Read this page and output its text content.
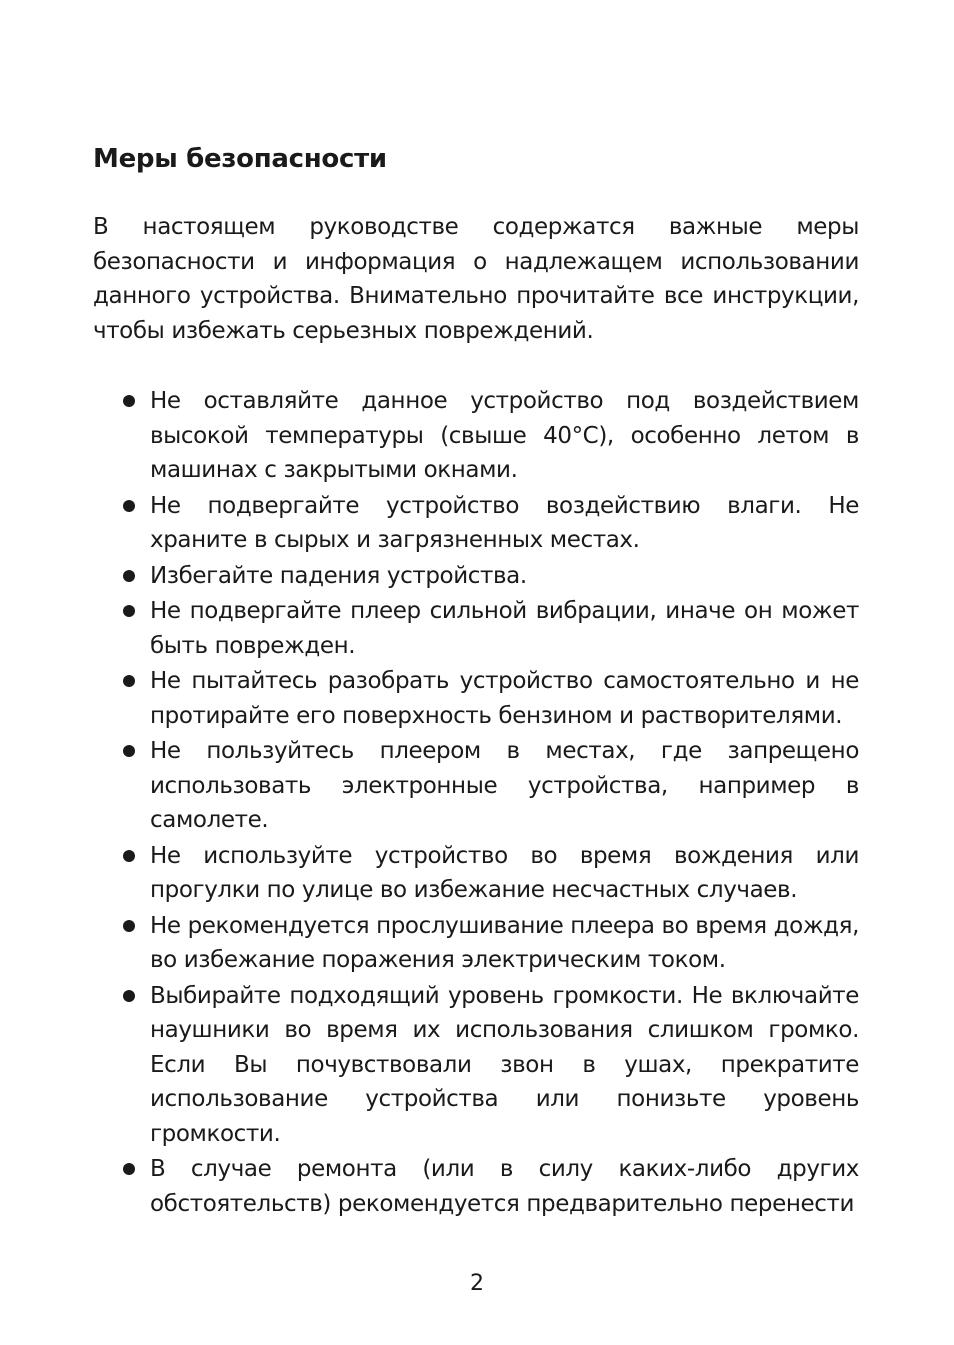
Меры безопасности

В настоящем руководстве содержатся важные меры безопасности и информация о надлежащем использовании данного устройства. Внимательно прочитайте все инструкции, чтобы избежать серьезных повреждений.

Не оставляйте данное устройство под воздействием высокой температуры (свыше 40°C), особенно летом в машинах с закрытыми окнами.
Не подвергайте устройство воздействию влаги. Не храните в сырых и загрязненных местах.
Избегайте падения устройства.
Не подвергайте плеер сильной вибрации, иначе он может быть поврежден.
Не пытайтесь разобрать устройство самостоятельно и не протирайте его поверхность бензином и растворителями.
Не пользуйтесь плеером в местах, где запрещено использовать электронные устройства, например в самолете.
Не используйте устройство во время вождения или прогулки по улице во избежание несчастных случаев.
Не рекомендуется прослушивание плеера во время дождя, во избежание поражения электрическим током.
Выбирайте подходящий уровень громкости. Не включайте наушники во время их использования слишком громко. Если Вы почувствовали звон в ушах, прекратите использование устройства или понизьте уровень громкости.
В случае ремонта (или в силу каких-либо других обстоятельств) рекомендуется предварительно перенести
2
